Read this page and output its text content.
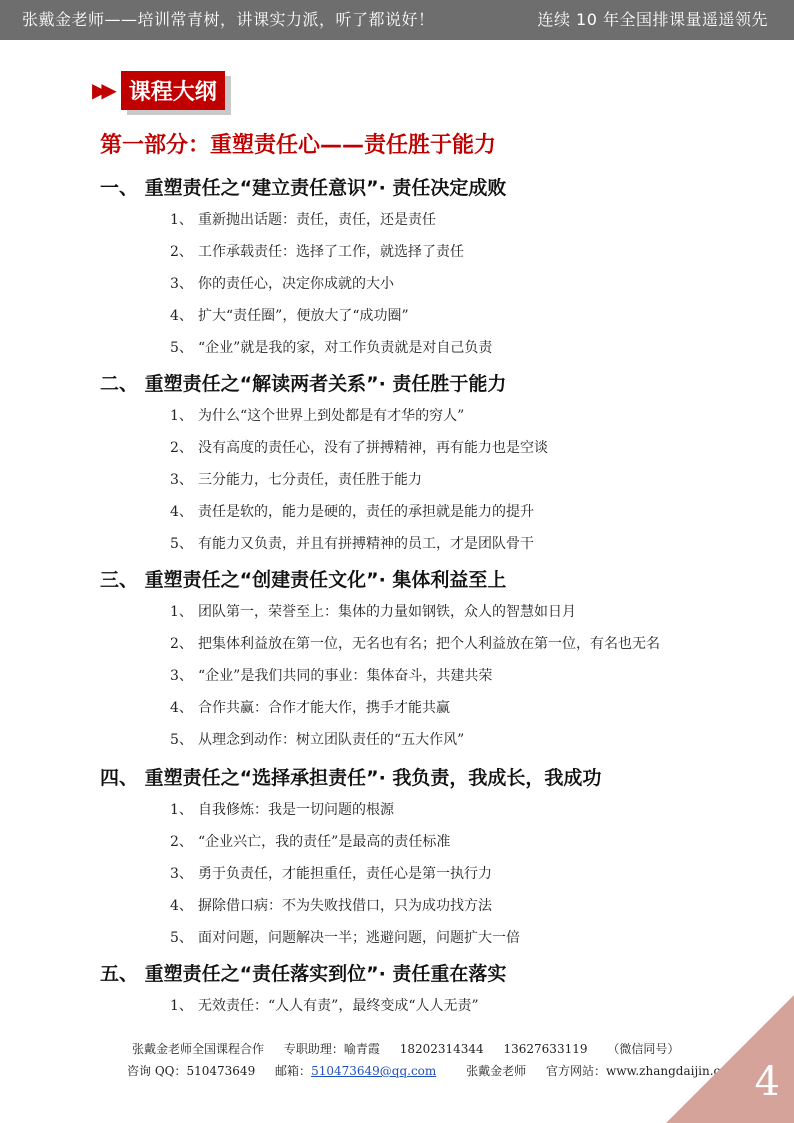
张戴金老师——培训常青树，讲课实力派，听了都说好！	连续 10 年全国排课量遥遥领先
▶▶ 课程大纲
第一部分：重塑责任心——责任胜于能力
一、 重塑责任之“建立责任意识”· 责任决定成败
1、 重新抛出话题：责任，责任，还是责任
2、 工作承载责任：选择了工作，就选择了责任
3、 你的责任心，决定你成就的大小
4、 扩大“责任圈”，便放大了“成功圈”
5、 “企业”就是我的家，对工作负责就是对自己负责
二、 重塑责任之“解读两者关系”· 责任胜于能力
1、 为什么“这个世界上到处都是有才华的穷人”
2、 没有高度的责任心，没有了拼搏精神，再有能力也是空谈
3、 三分能力，七分责任，责任胜于能力
4、 责任是软的，能力是硬的，责任的承担就是能力的提升
5、 有能力又负责，并且有拼搏精神的员工，才是团队骨干
三、 重塑责任之“创建责任文化”· 集体利益至上
1、 团队第一，荣誉至上：集体的力量如钢铁，众人的智慧如日月
2、 把集体利益放在第一位，无名也有名；把个人利益放在第一位，有名也无名
3、 “企业”是我们共同的事业：集体奋斗，共建共荣
4、 合作共赢：合作才能大作，携手才能共赢
5、 从理念到动作：树立团队责任的“五大作风”
四、 重塑责任之“选择承担责任”· 我负责，我成长，我成功
1、 自我修炼：我是一切问题的根源
2、 “企业兴亡，我的责任”是最高的责任标准
3、 勇于负责任，才能担重任，责任心是第一执行力
4、 摒除借口病：不为失败找借口，只为成功找方法
5、 面对问题，问题解决一半；逃避问题，问题扩大一倍
五、 重塑责任之“责任落实到位”· 责任重在落实
1、 无效责任：“人人有责”，最终变成“人人无责”
张戴金老师全国课程合作 专职助理：喻青霞 18202314344 13627633119 （微信同号）
咨询 QQ：510473649 邮箱：510473649@qq.com 张戴金老师 官方网站：www.zhangdaijin.com 4
